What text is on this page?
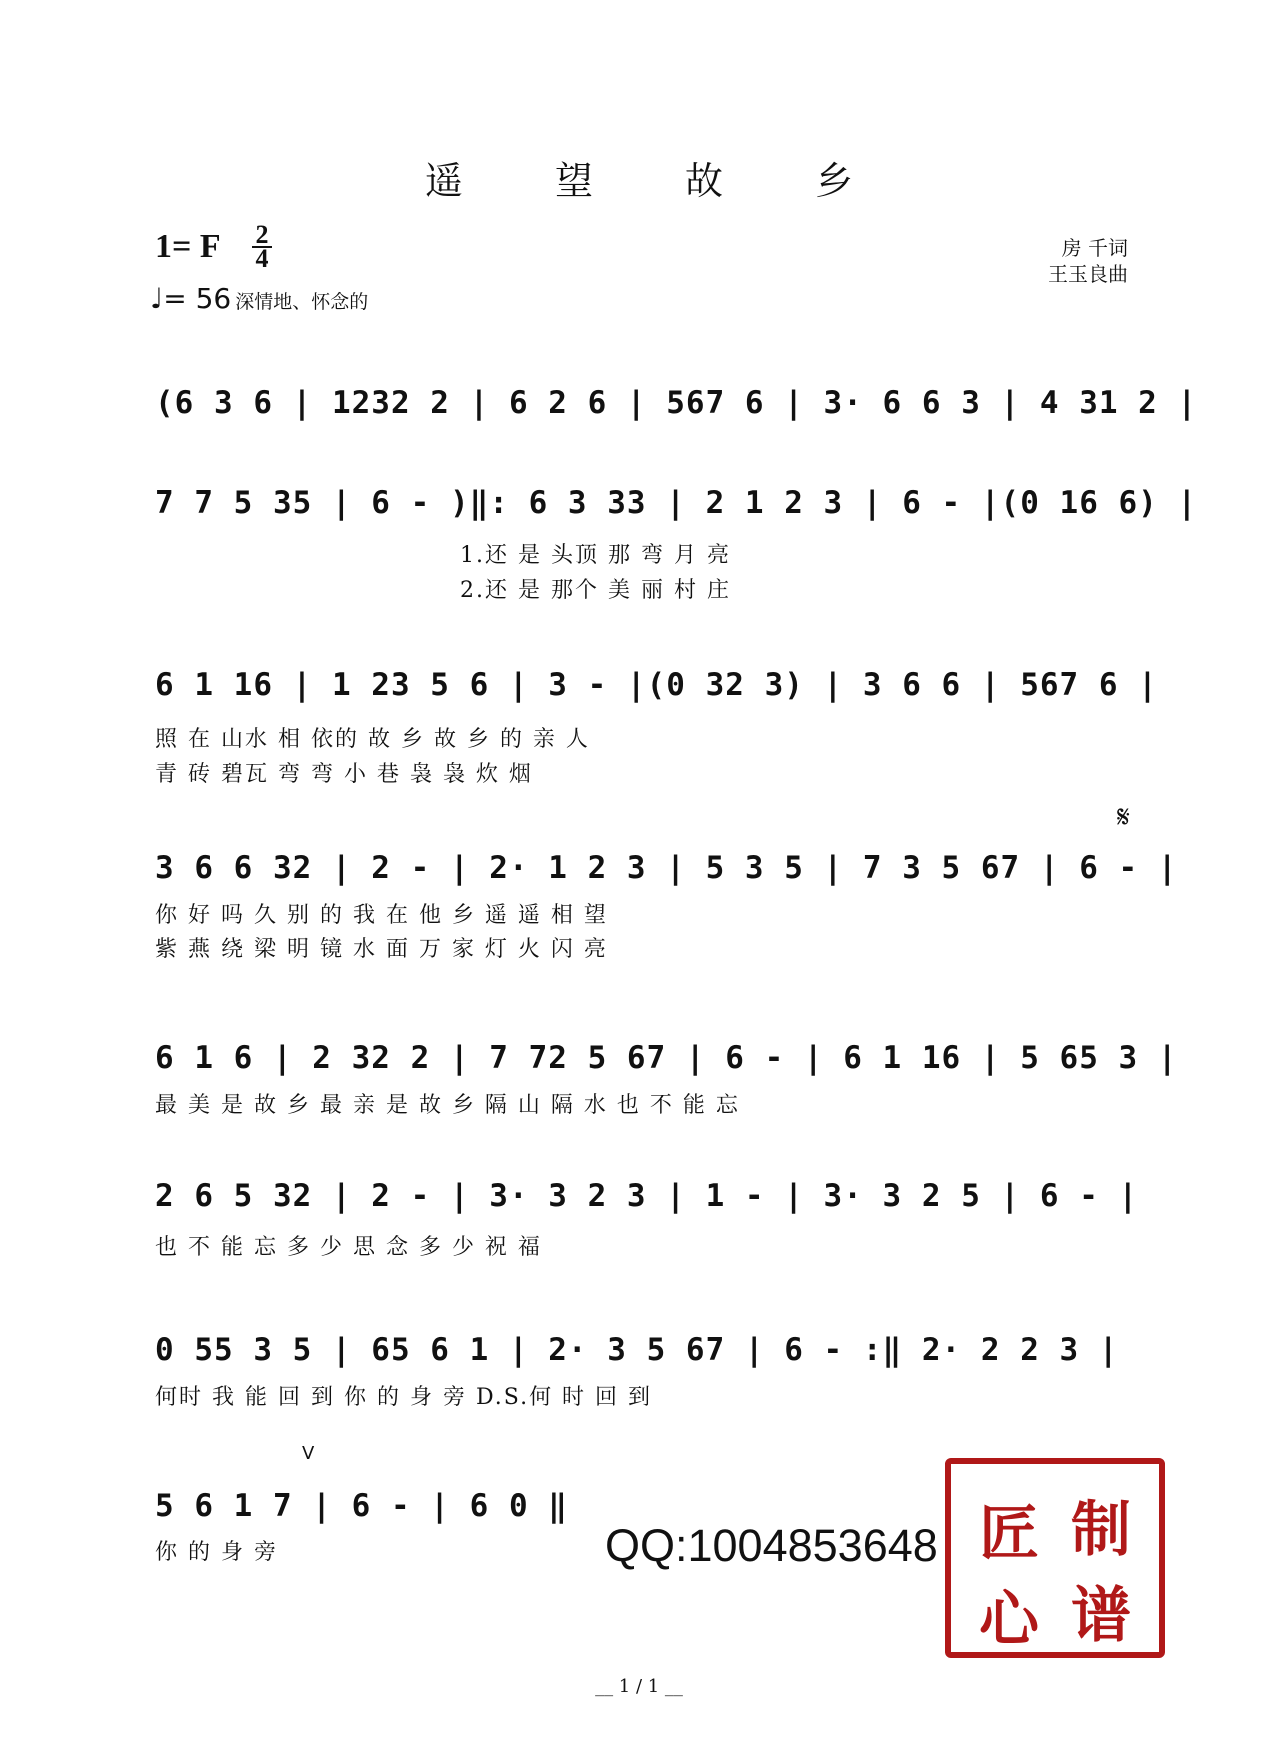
遥 望 故 乡
1= F 2
4
♩= 56 深情地、怀念的
房 千词
王玉良曲
(6 3 6 | 1232 2 | 6 2 6 | 567 6 | 3· 6 6 3 | 4 31 2 |
7 7 5 35 | 6 - )‖: 6 3 33 | 2 1 2 3 | 6 - |(0 16 6) |
1.还 是 头顶 那 弯 月 亮
2.还 是 那个 美 丽 村 庄
6 1 16 | 1 23 5 6 | 3 - |(0 32 3) | 3 6 6 | 567 6 |
照 在 山水 相 依的 故 乡 故 乡 的 亲 人
青 砖 碧瓦 弯 弯 小 巷 袅 袅 炊 烟
𝄋
3 6 6 32 | 2 - | 2· 1 2 3 | 5 3 5 | 7 3 5 67 | 6 - |
你 好 吗 久 别 的 我 在 他 乡 遥 遥 相 望
紫 燕 绕 梁 明 镜 水 面 万 家 灯 火 闪 亮
6 1 6 | 2 32 2 | 7 72 5 67 | 6 - | 6 1 16 | 5 65 3 |
最 美 是 故 乡 最 亲 是 故 乡 隔 山 隔 水 也 不 能 忘
2 6 5 32 | 2 - | 3· 3 2 3 | 1 - | 3· 3 2 5 | 6 - |
也 不 能 忘 多 少 思 念 多 少 祝 福
0 55 3 5 | 65 6 1 | 2· 3 5 67 | 6 - :‖ 2· 2 2 3 |
何时 我 能 回 到 你 的 身 旁 D.S.何 时 回 到
V
5 6 1 7 | 6 - | 6 0 ‖
你 的 身 旁	QQ:1004853648 匠 制
心 谱
__ 1 / 1 __
